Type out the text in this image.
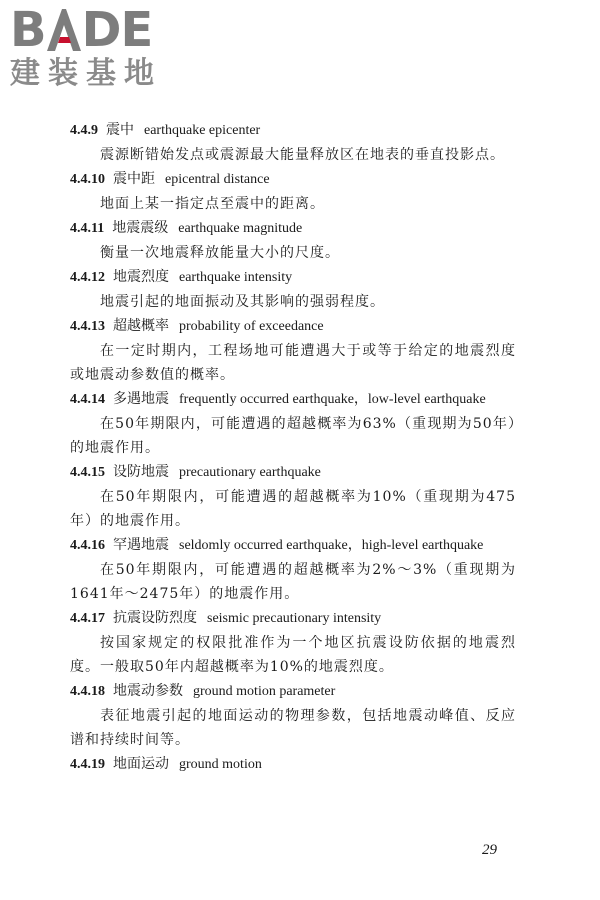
B DE
建装基地
4.4.9 震中 earthquake epicenter

震源断错始发点或震源最大能量释放区在地表的垂直投影点。

4.4.10 震中距 epicentral distance

地面上某一指定点至震中的距离。

4.4.11 地震震级 earthquake magnitude

衡量一次地震释放能量大小的尺度。

4.4.12 地震烈度 earthquake intensity

地震引起的地面振动及其影响的强弱程度。

4.4.13 超越概率 probability of exceedance

在一定时期内，工程场地可能遭遇大于或等于给定的地震烈度或地震动参数值的概率。

4.4.14 多遇地震 frequently occurred earthquake，low-level earthquake

在50年期限内，可能遭遇的超越概率为63%（重现期为50年）的地震作用。

4.4.15 设防地震 precautionary earthquake

在50年期限内，可能遭遇的超越概率为10%（重现期为475年）的地震作用。

4.4.16 罕遇地震 seldomly occurred earthquake，high-level earthquake

在50年期限内，可能遭遇的超越概率为2%～3%（重现期为1641年～2475年）的地震作用。

4.4.17 抗震设防烈度 seismic precautionary intensity

按国家规定的权限批准作为一个地区抗震设防依据的地震烈度。一般取50年内超越概率为10%的地震烈度。

4.4.18 地震动参数 ground motion parameter

表征地震引起的地面运动的物理参数，包括地震动峰值、反应谱和持续时间等。

4.4.19 地面运动 ground motion
29
